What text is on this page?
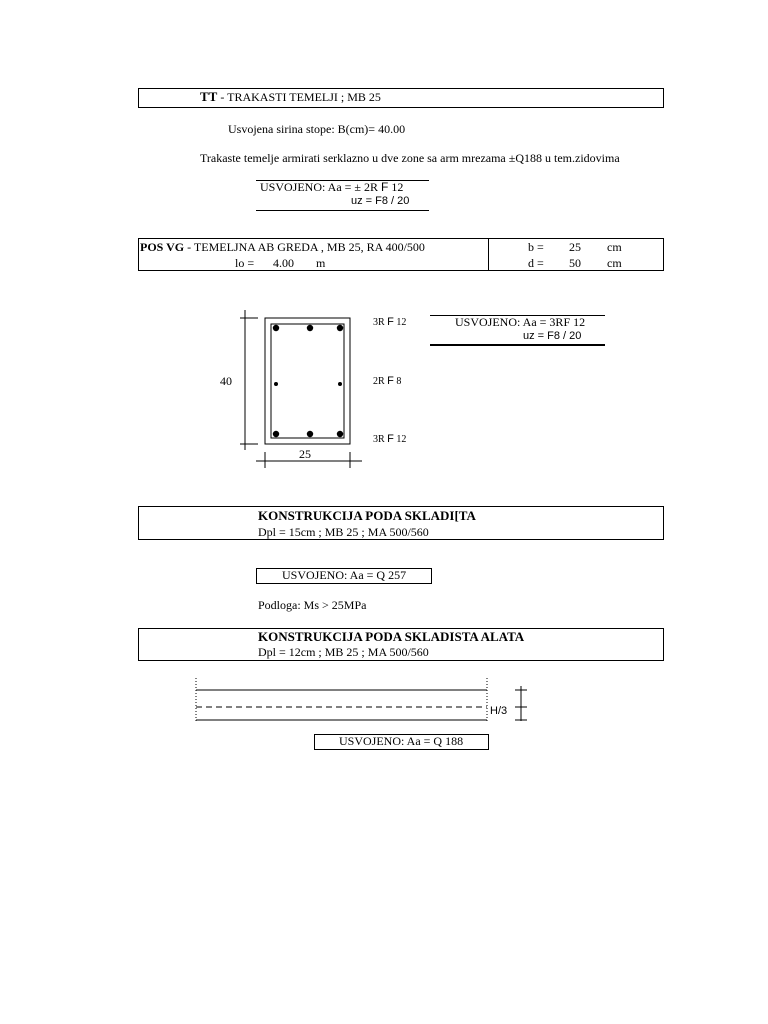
TT - TRAKASTI TEMELJI ; MB 25
Usvojena sirina stope: B(cm)= 40.00
Trakaste temelje armirati serklazno u dve zone sa arm mrezama ±Q188 u tem.zidovima
USVOJENO: Aa = ± 2R F 12
uz = F8 / 20
POS VG - TEMELJNA AB GREDA , MB 25, RA 400/500
lo = 4.00 m
b = 25 cm
d = 50 cm
40
25
3R F 12
2R F 8
3R F 12
USVOJENO: Aa = 3RF 12
uz = F8 / 20
KONSTRUKCIJA PODA SKLADI[TA
Dpl = 15cm ; MB 25 ; MA 500/560
USVOJENO: Aa = Q 257
Podloga: Ms > 25MPa
KONSTRUKCIJA PODA SKLADISTA ALATA
Dpl = 12cm ; MB 25 ; MA 500/560
H/3
USVOJENO: Aa = Q 188
